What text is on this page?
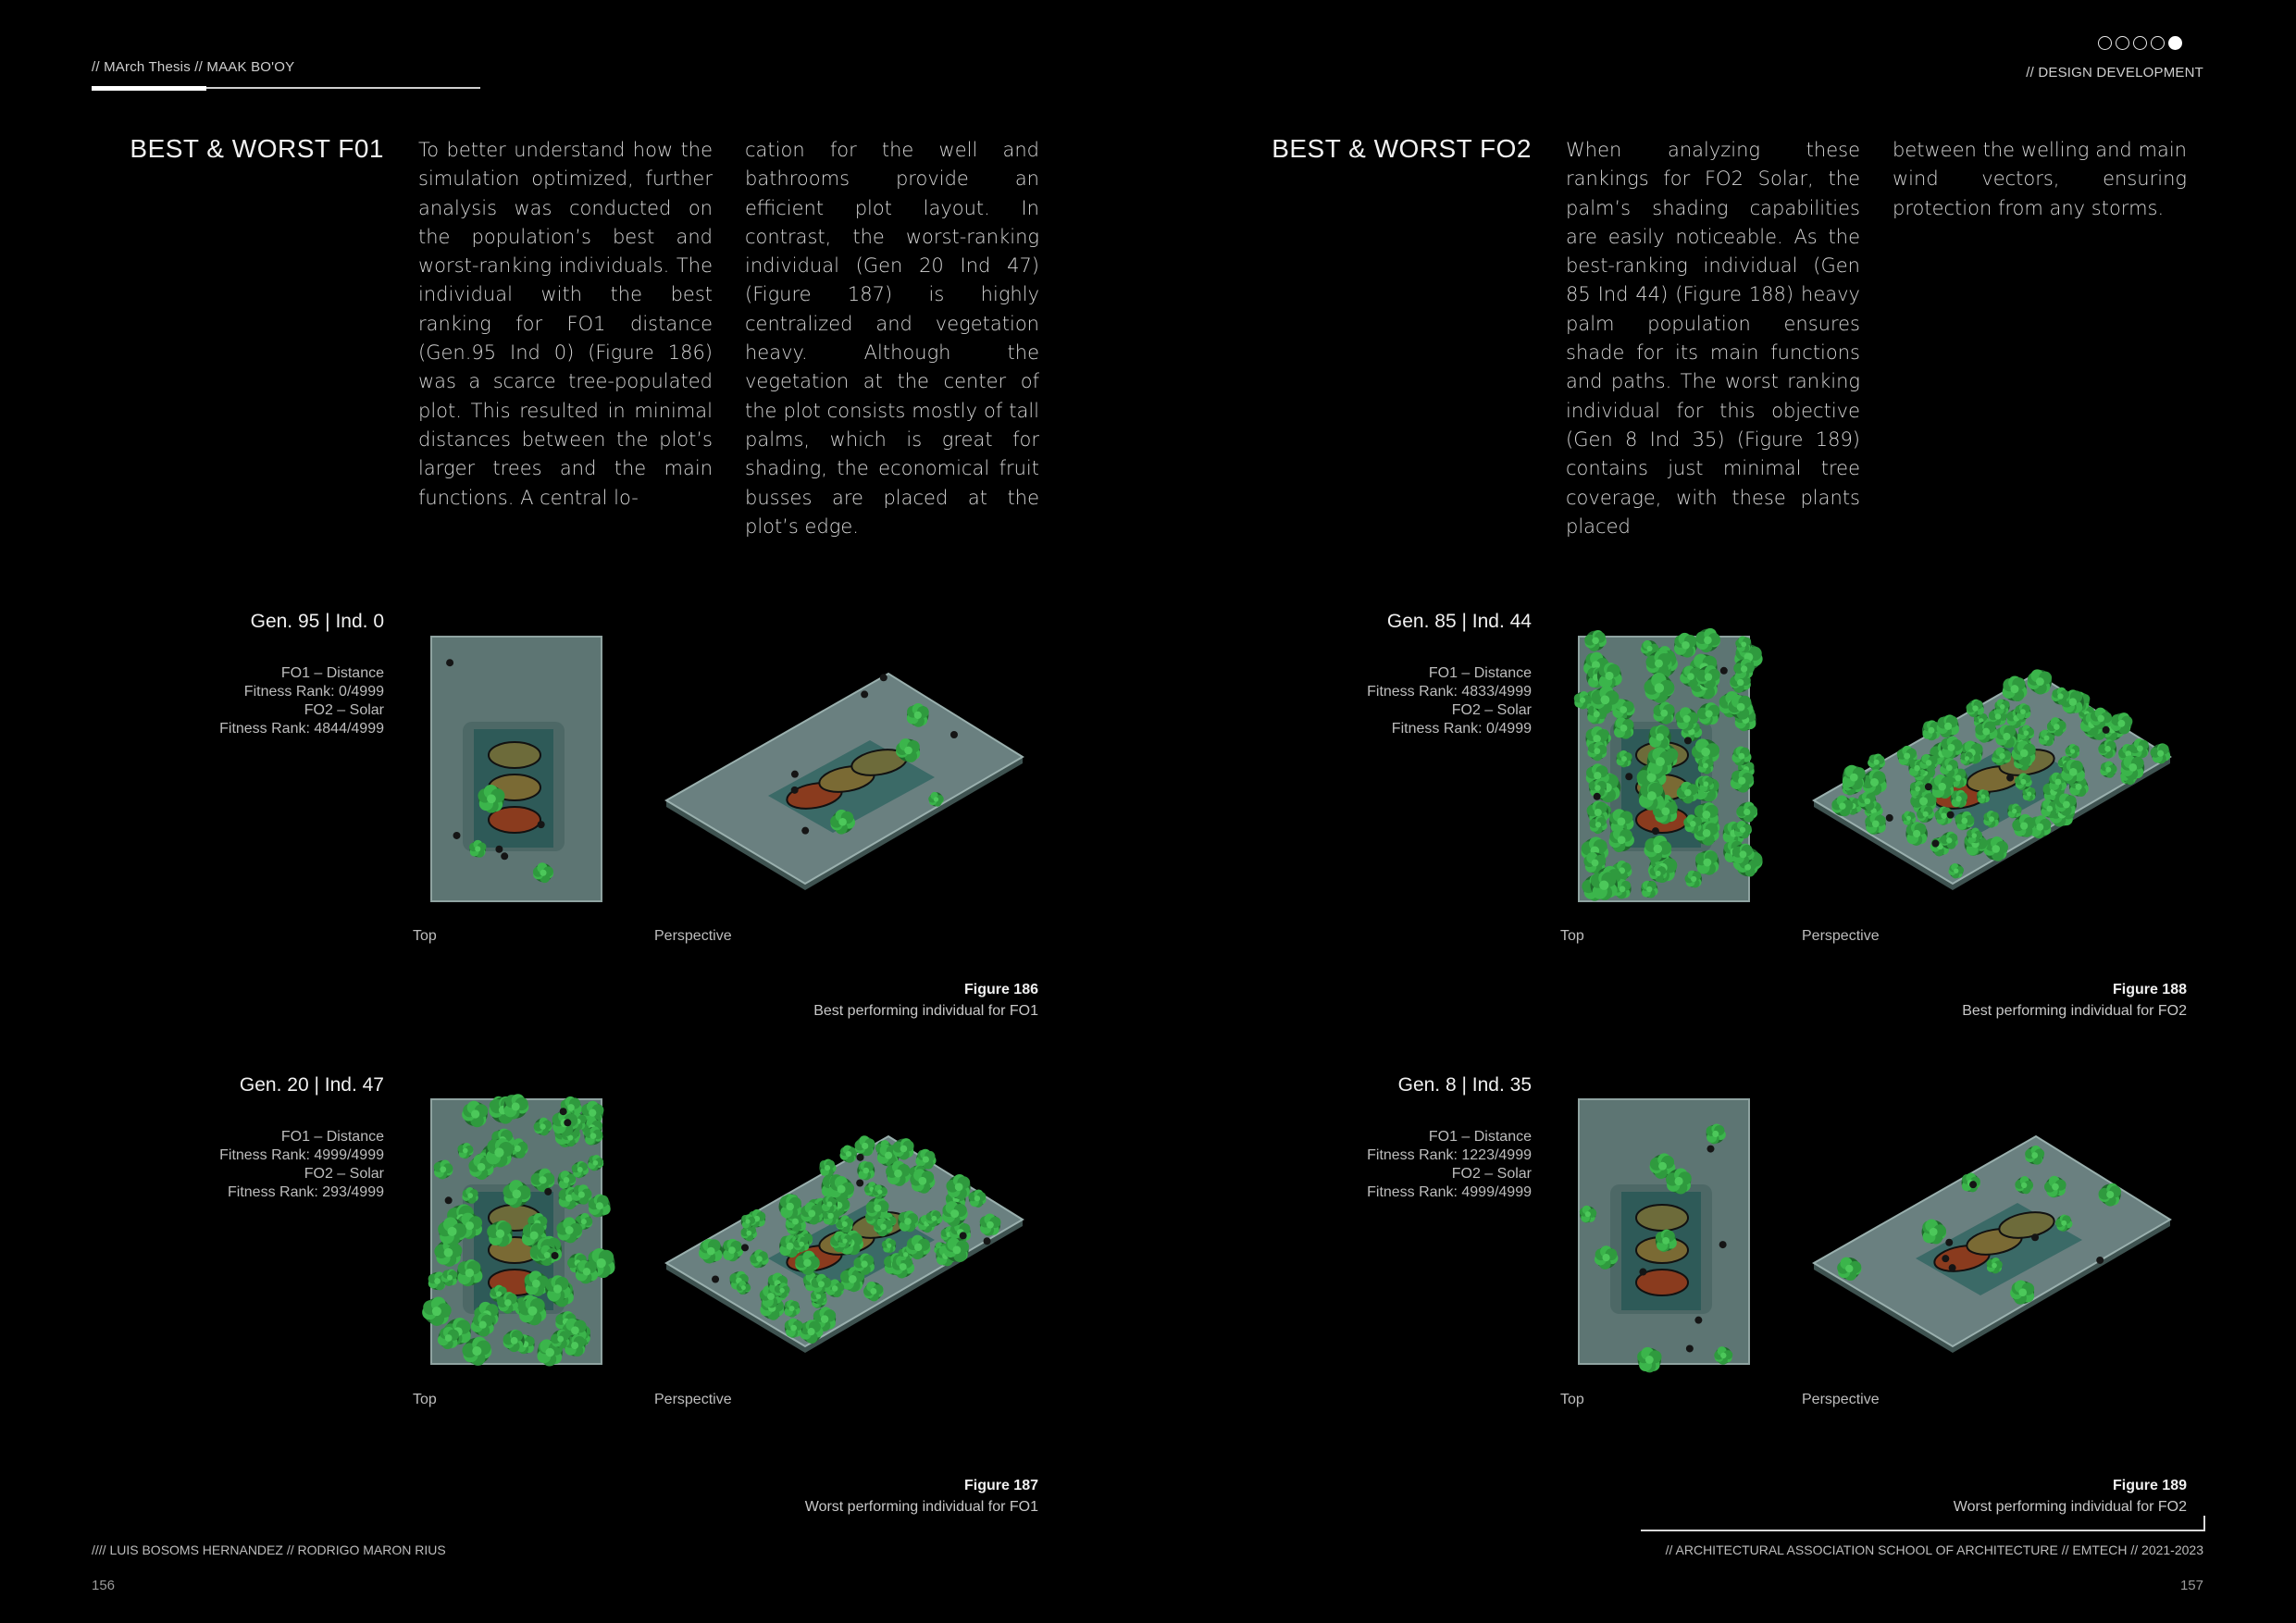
// MArch Thesis // MAAK BO'OY	// DESIGN DEVELOPMENT
BEST & WORST F01 To better understand how the simulation optimized, further analysis was conducted on the population’s best and worst-ranking individuals. The individual with the best ranking for FO1 distance (Gen.95 Ind 0) (Figure 186) was a scarce tree-populated plot. This resulted in minimal distances between the plot’s larger trees and the main functions. A central lo-
cation for the well and bathrooms provide an efficient plot layout. In contrast, the worst-ranking individual (Gen 20 Ind 47) (Figure 187) is highly centralized and vegetation heavy. Although the vegetation at the center of the plot consists mostly of tall palms, which is great for shading, the economical fruit busses are placed at the plot’s edge.
BEST & WORST FO2 When analyzing these rankings for FO2 Solar, the palm’s shading capabilities are easily noticeable. As the best-ranking individual (Gen 85 Ind 44) (Figure 188) heavy palm population ensures shade for its main functions and paths. The worst ranking individual for this objective (Gen 8 Ind 35) (Figure 189) contains just minimal tree coverage, with these plants placed
between the welling and main wind vectors, ensuring protection from any storms.
Gen. 95 | Ind. 0
FO1 – Distance
Fitness Rank: 0/4999
FO2 – Solar
Fitness Rank: 4844/4999
Top	Perspective
Figure 186
Best performing individual for FO1
Gen. 20 | Ind. 47
FO1 – Distance
Fitness Rank: 4999/4999
FO2 – Solar
Fitness Rank: 293/4999
Top	Perspective
Figure 187
Worst performing individual for FO1
Gen. 85 | Ind. 44
FO1 – Distance
Fitness Rank: 4833/4999
FO2 – Solar
Fitness Rank: 0/4999
Top	Perspective
Figure 188
Best performing individual for FO2
Gen. 8 | Ind. 35
FO1 – Distance
Fitness Rank: 1223/4999
FO2 – Solar
Fitness Rank: 4999/4999
Top	Perspective
Figure 189
Worst performing individual for FO2
//// LUIS BOSOMS HERNANDEZ // RODRIGO MARON RIUS	// ARCHITECTURAL ASSOCIATION SCHOOL OF ARCHITECTURE // EMTECH // 2021-2023
156	157
